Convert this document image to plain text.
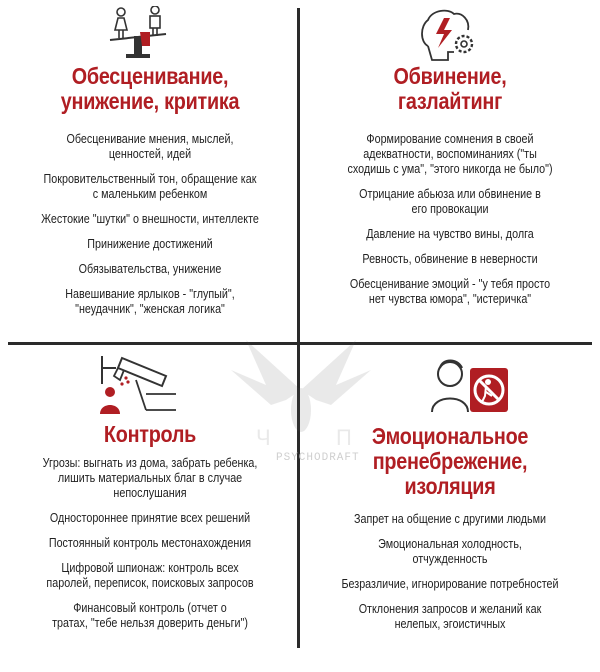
Ч	П
PSYCHODRAFT
Обесценивание,
унижение, критика
Обесценивание мнения, мыслей,
ценностей, идей
Покровительственный тон, обращение как
с маленьким ребенком
Жестокие "шутки" о внешности, интеллекте
Принижение достижений
Обязывательства, унижение
Навешивание ярлыков - "глупый",
"неудачник", "женская логика"
Обвинение,
газлайтинг
Формирование сомнения в своей
адекватности, воспоминаниях ("ты
сходишь с ума", "этого никогда не было")
Отрицание абьюза или обвинение в
его провокации
Давление на чувство вины, долга
Ревность, обвинение в неверности
Обесценивание эмоций - "у тебя просто
нет чувства юмора", "истеричка"
Контроль
Угрозы: выгнать из дома, забрать ребенка,
лишить материальных благ в случае
непослушания
Одностороннее принятие всех решений
Постоянный контроль местонахождения
Цифровой шпионаж: контроль всех
паролей, переписок, поисковых запросов
Финансовый контроль (отчет о
тратах, "тебе нельзя доверить деньги")
Эмоциональное
пренебрежение,
изоляция
Запрет на общение с другими людьми
Эмоциональная холодность,
отчужденность
Безразличие, игнорирование потребностей
Отклонения запросов и желаний как
нелепых, эгоистичных
